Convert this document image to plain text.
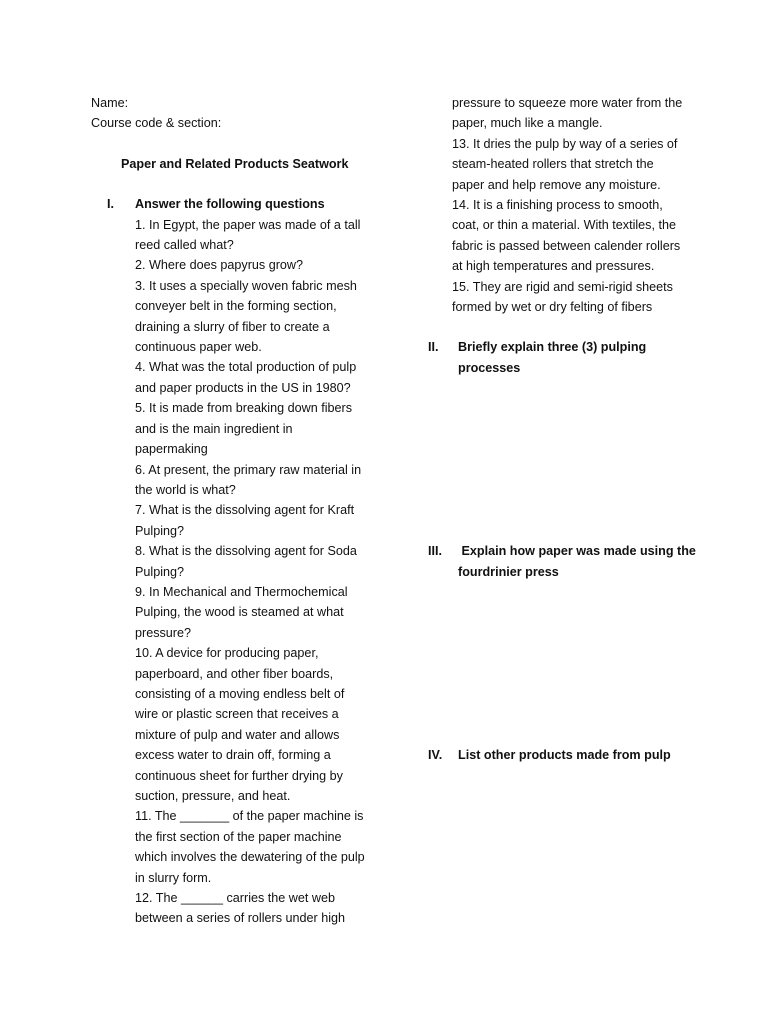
Name:
Course code & section:
Paper and Related Products Seatwork
I.	Answer the following questions
1. In Egypt, the paper was made of a tall
reed called what?
2. Where does papyrus grow?
3. It uses a specially woven fabric mesh
conveyer belt in the forming section,
draining a slurry of fiber to create a
continuous paper web.
4. What was the total production of pulp
and paper products in the US in 1980?
5. It is made from breaking down fibers
and is the main ingredient in
papermaking
6. At present, the primary raw material in
the world is what?
7. What is the dissolving agent for Kraft
Pulping?
8. What is the dissolving agent for Soda
Pulping?
9. In Mechanical and Thermochemical
Pulping, the wood is steamed at what
pressure?
10. A device for producing paper,
paperboard, and other fiber boards,
consisting of a moving endless belt of
wire or plastic screen that receives a
mixture of pulp and water and allows
excess water to drain off, forming a
continuous sheet for further drying by
suction, pressure, and heat.
11. The _______ of the paper machine is
the first section of the paper machine
which involves the dewatering of the pulp
in slurry form.
12. The ______ carries the wet web
between a series of rollers under high
pressure to squeeze more water from the
paper, much like a mangle.
13. It dries the pulp by way of a series of
steam-heated rollers that stretch the
paper and help remove any moisture.
14. It is a finishing process to smooth,
coat, or thin a material. With textiles, the
fabric is passed between calender rollers
at high temperatures and pressures.
15. They are rigid and semi-rigid sheets
formed by wet or dry felting of fibers
II.	Briefly explain three (3) pulping
processes
III.	Explain how paper was made using the
fourdrinier press
IV.	List other products made from pulp
